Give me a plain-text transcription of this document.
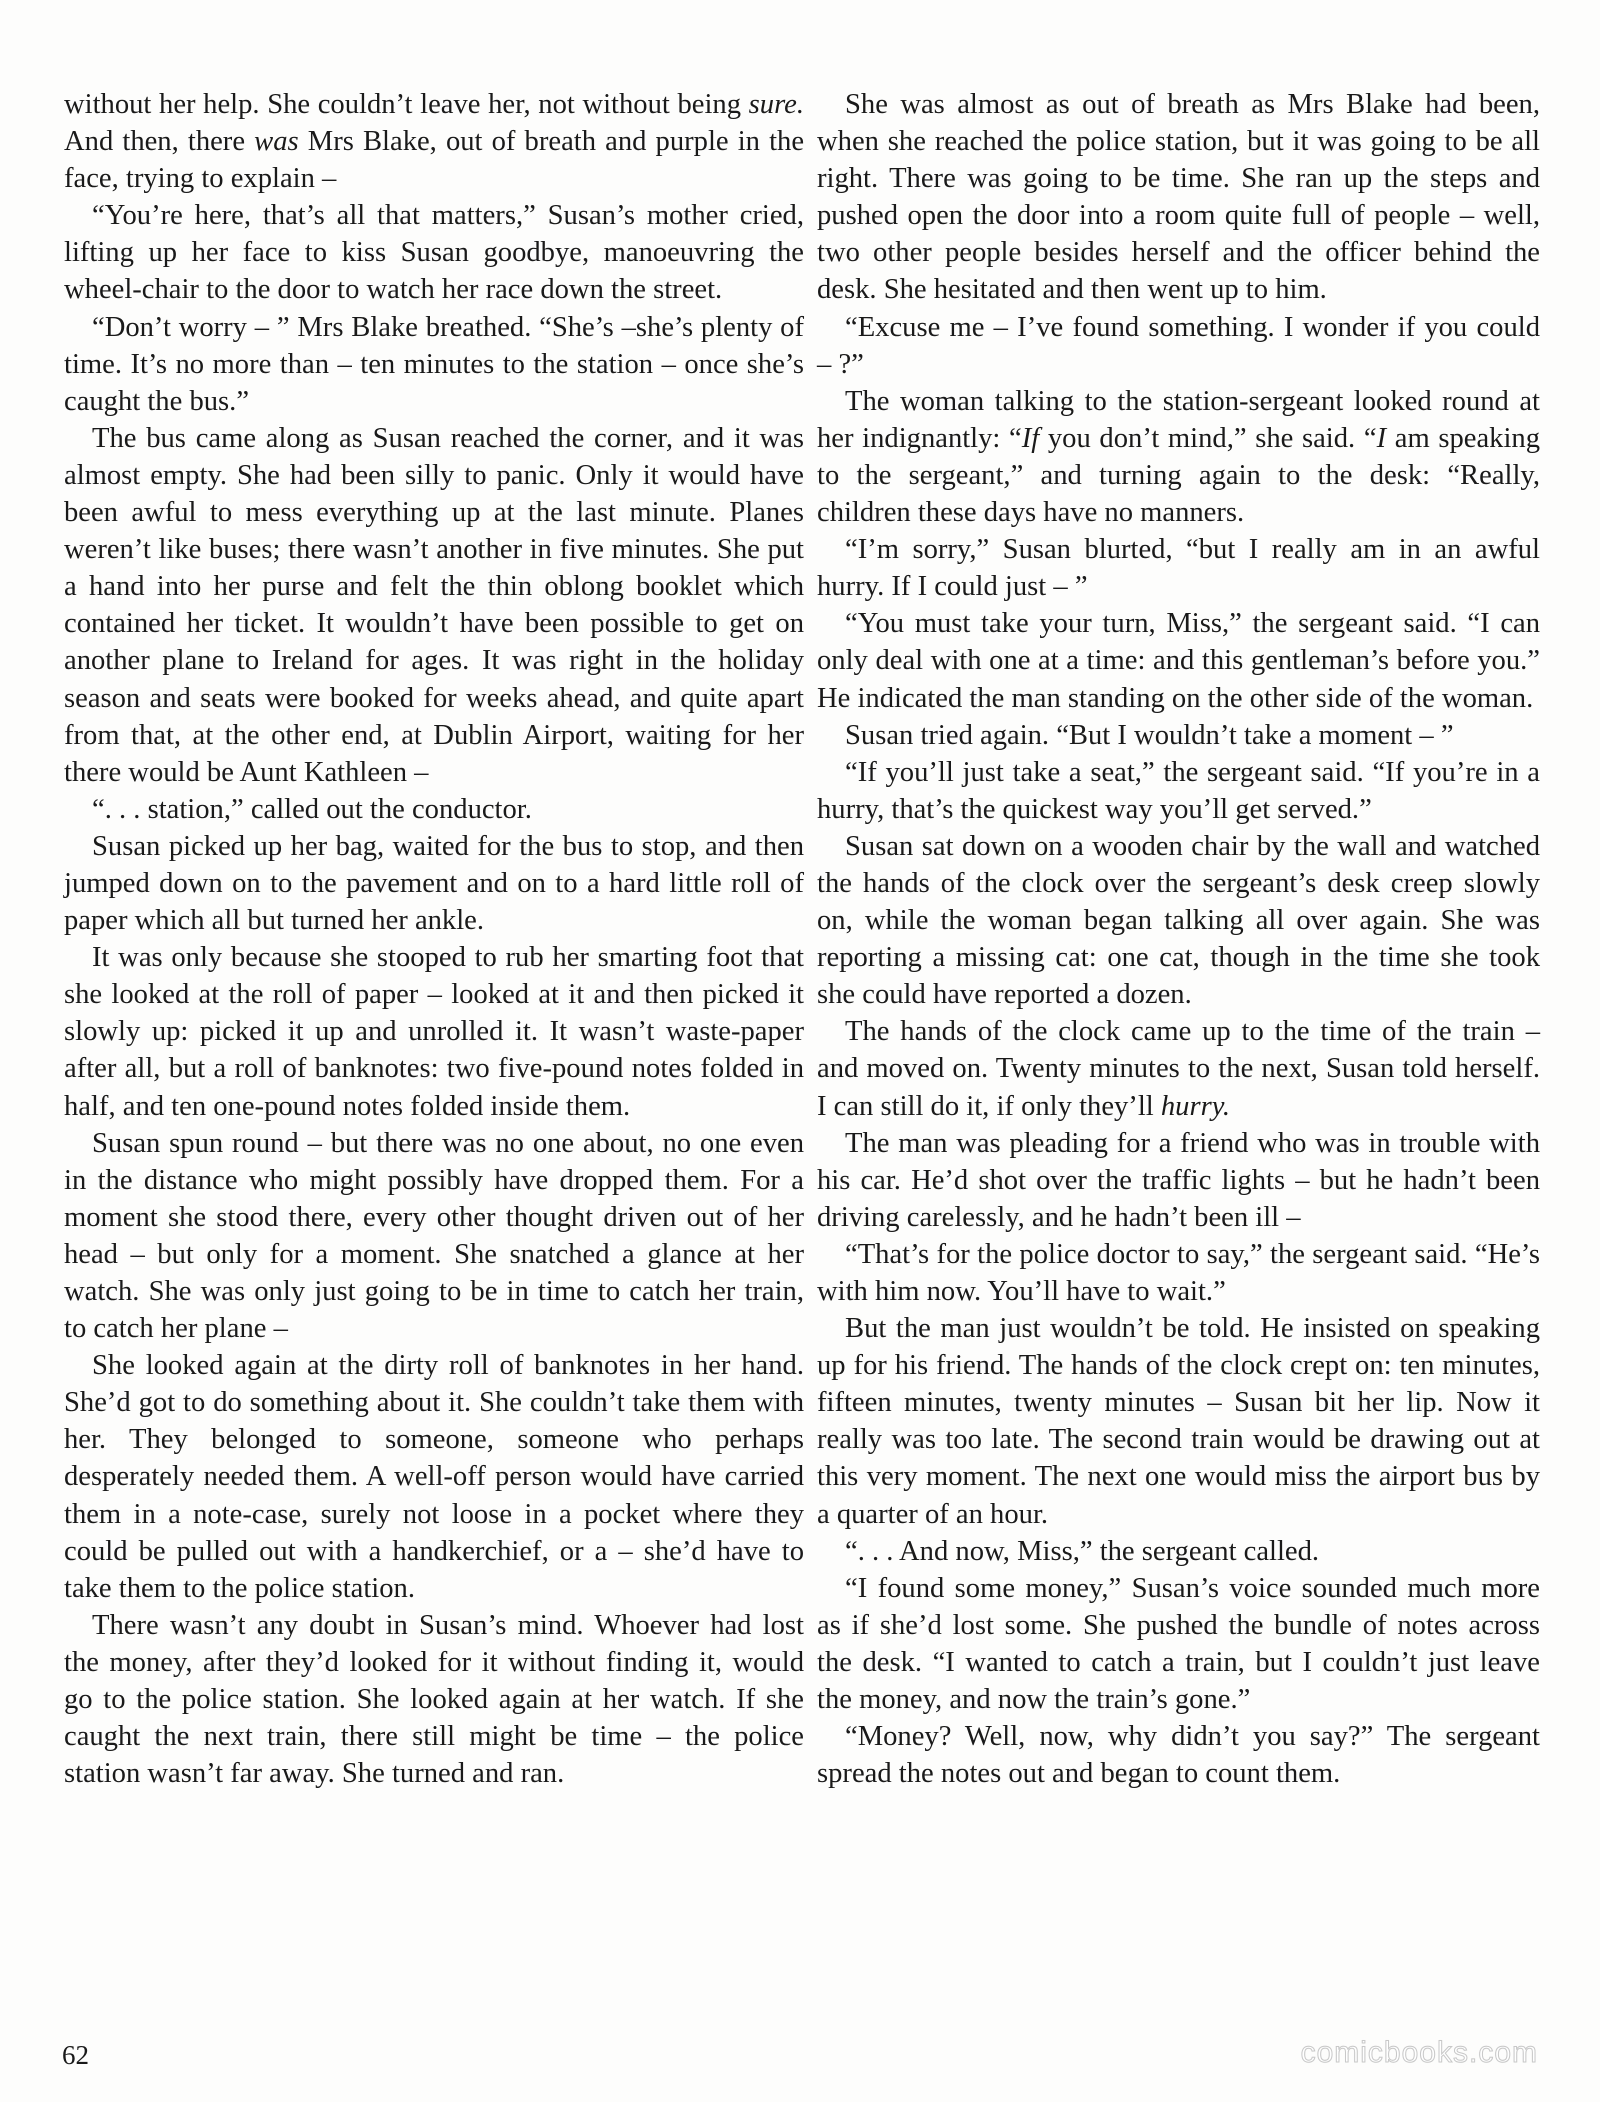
without her help. She couldn’t leave her, not without being sure. And then, there was Mrs Blake, out of breath and purple in the face, trying to explain –

“You’re here, that’s all that matters,” Susan’s mother cried, lifting up her face to kiss Susan goodbye, manoeuvring the wheel-chair to the door to watch her race down the street.

“Don’t worry – ” Mrs Blake breathed. “She’s –she’s plenty of time. It’s no more than – ten minutes to the station – once she’s caught the bus.”

The bus came along as Susan reached the corner, and it was almost empty. She had been silly to panic. Only it would have been awful to mess everything up at the last minute. Planes weren’t like buses; there wasn’t another in five minutes. She put a hand into her purse and felt the thin oblong booklet which contained her ticket. It wouldn’t have been possible to get on another plane to Ireland for ages. It was right in the holiday season and seats were booked for weeks ahead, and quite apart from that, at the other end, at Dublin Airport, waiting for her there would be Aunt Kathleen –

“. . . station,” called out the conductor.

Susan picked up her bag, waited for the bus to stop, and then jumped down on to the pavement and on to a hard little roll of paper which all but turned her ankle.

It was only because she stooped to rub her smarting foot that she looked at the roll of paper – looked at it and then picked it slowly up: picked it up and unrolled it. It wasn’t waste-paper after all, but a roll of banknotes: two five-pound notes folded in half, and ten one-pound notes folded inside them.

Susan spun round – but there was no one about, no one even in the distance who might possibly have dropped them. For a moment she stood there, every other thought driven out of her head – but only for a moment. She snatched a glance at her watch. She was only just going to be in time to catch her train, to catch her plane –

She looked again at the dirty roll of banknotes in her hand. She’d got to do something about it. She couldn’t take them with her. They belonged to someone, someone who perhaps desperately needed them. A well-off person would have carried them in a note-case, surely not loose in a pocket where they could be pulled out with a handkerchief, or a – she’d have to take them to the police station.

There wasn’t any doubt in Susan’s mind. Whoever had lost the money, after they’d looked for it without finding it, would go to the police station. She looked again at her watch. If she caught the next train, there still might be time – the police station wasn’t far away. She turned and ran.

She was almost as out of breath as Mrs Blake had been, when she reached the police station, but it was going to be all right. There was going to be time. She ran up the steps and pushed open the door into a room quite full of people – well, two other people besides herself and the officer behind the desk. She hesitated and then went up to him.

“Excuse me – I’ve found something. I wonder if you could – ?”

The woman talking to the station-sergeant looked round at her indignantly: “If you don’t mind,” she said. “I am speaking to the sergeant,” and turning again to the desk: “Really, children these days have no manners.

“I’m sorry,” Susan blurted, “but I really am in an awful hurry. If I could just – ”

“You must take your turn, Miss,” the sergeant said. “I can only deal with one at a time: and this gentleman’s before you.” He indicated the man standing on the other side of the woman.

Susan tried again. “But I wouldn’t take a moment – ”

“If you’ll just take a seat,” the sergeant said. “If you’re in a hurry, that’s the quickest way you’ll get served.”

Susan sat down on a wooden chair by the wall and watched the hands of the clock over the sergeant’s desk creep slowly on, while the woman began talking all over again. She was reporting a missing cat: one cat, though in the time she took she could have reported a dozen.

The hands of the clock came up to the time of the train – and moved on. Twenty minutes to the next, Susan told herself. I can still do it, if only they’ll hurry.

The man was pleading for a friend who was in trouble with his car. He’d shot over the traffic lights – but he hadn’t been driving carelessly, and he hadn’t been ill –

“That’s for the police doctor to say,” the sergeant said. “He’s with him now. You’ll have to wait.”

But the man just wouldn’t be told. He insisted on speaking up for his friend. The hands of the clock crept on: ten minutes, fifteen minutes, twenty minutes – Susan bit her lip. Now it really was too late. The second train would be drawing out at this very moment. The next one would miss the airport bus by a quarter of an hour.

“. . . And now, Miss,” the sergeant called.

“I found some money,” Susan’s voice sounded much more as if she’d lost some. She pushed the bundle of notes across the desk. “I wanted to catch a train, but I couldn’t just leave the money, and now the train’s gone.”

“Money? Well, now, why didn’t you say?” The sergeant spread the notes out and began to count them.

62	comicbooks.com
